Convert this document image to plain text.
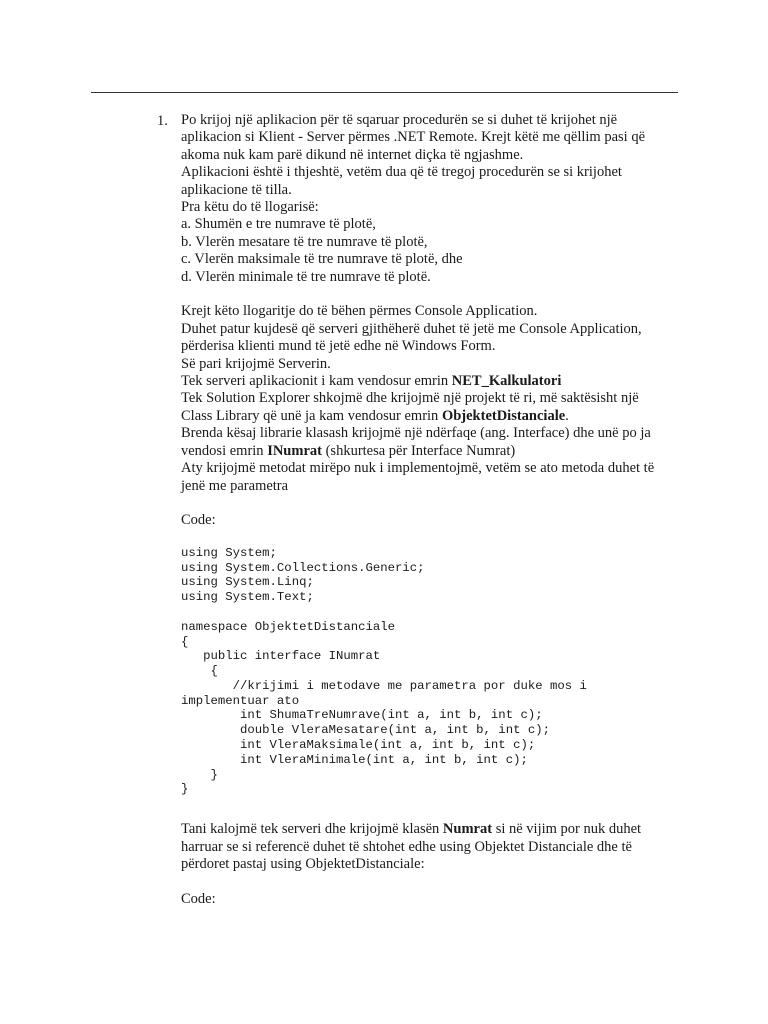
1. Po krijoj një aplikacion për të sqaruar procedurën se si duhet të krijohet një
aplikacion si Klient - Server përmes .NET Remote. Krejt këtë me qëllim pasi që
akoma nuk kam parë dikund në internet diçka të ngjashme.
Aplikacioni është i thjeshtë, vetëm dua që të tregoj procedurën se si krijohet
aplikacione të tilla.
Pra këtu do të llogarisë:
a. Shumën e tre numrave të plotë,
b. Vlerën mesatare të tre numrave të plotë,
c. Vlerën maksimale të tre numrave të plotë, dhe
d. Vlerën minimale të tre numrave të plotë.
Krejt këto llogaritje do të bëhen përmes Console Application.
Duhet patur kujdesë që serveri gjithëherë duhet të jetë me Console Application,
përderisa klienti mund të jetë edhe në Windows Form.
Së pari krijojmë Serverin.
Tek serveri aplikacionit i kam vendosur emrin NET_Kalkulatori
Tek Solution Explorer shkojmë dhe krijojmë një projekt të ri, më saktësisht një
Class Library që unë ja kam vendosur emrin ObjektetDistanciale.
Brenda kësaj librarie klasash krijojmë një ndërfaqe (ang. Interface) dhe unë po ja
vendosi emrin INumrat (shkurtesa për Interface Numrat)
Aty krijojmë metodat mirëpo nuk i implementojmë, vetëm se ato metoda duhet të
jenë me parametra
Code:
using System;
using System.Collections.Generic;
using System.Linq;
using System.Text;
namespace ObjektetDistanciale
{
public interface INumrat
{
//krijimi i metodave me parametra por duke mos i
implementuar ato
int ShumaTreNumrave(int a, int b, int c);
double VleraMesatare(int a, int b, int c);
int VleraMaksimale(int a, int b, int c);
int VleraMinimale(int a, int b, int c);
}
}
Tani kalojmë tek serveri dhe krijojmë klasën Numrat si në vijim por nuk duhet
harruar se si referencë duhet të shtohet edhe using Objektet Distanciale dhe të
përdoret pastaj using ObjektetDistanciale:
Code:
